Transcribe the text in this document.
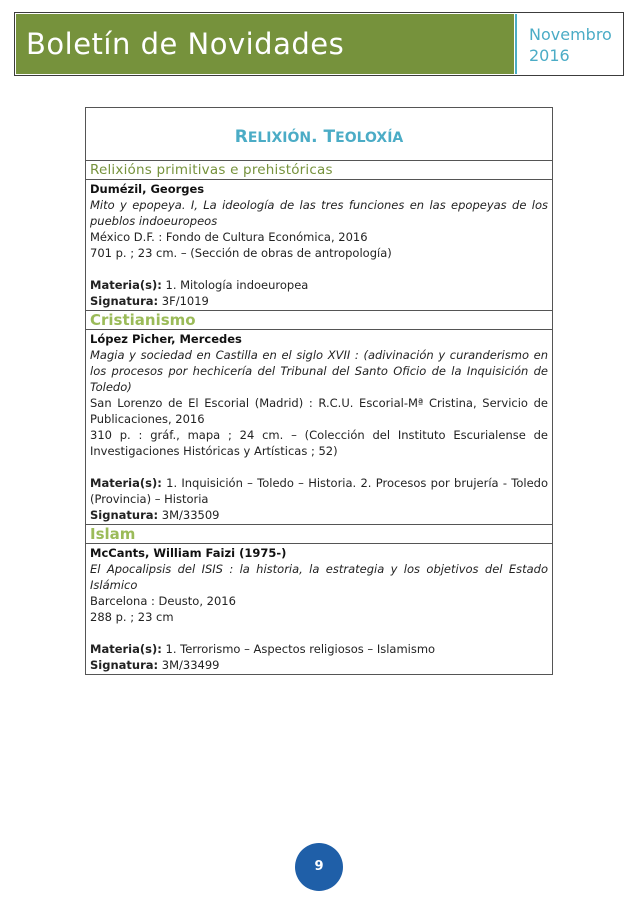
Boletín de Novidades	Novembro
2016
RELIXIÓN. TEOLOXÍA
Relixións primitivas e prehistóricas
Dumézil, Georges
Mito y epopeya. I, La ideología de las tres funciones en las epopeyas de los pueblos indoeuropeos
México D.F. : Fondo de Cultura Económica, 2016
701 p. ; 23 cm. – (Sección de obras de antropología)
Materia(s): 1. Mitología indoeuropea
Signatura: 3F/1019
Cristianismo
López Picher, Mercedes
Magia y sociedad en Castilla en el siglo XVII : (adivinación y curanderismo en los procesos por hechicería del Tribunal del Santo Oficio de la Inquisición de Toledo)
San Lorenzo de El Escorial (Madrid) : R.C.U. Escorial-Mª Cristina, Servicio de Publicaciones, 2016
310 p. : gráf., mapa ; 24 cm. – (Colección del Instituto Escurialense de Investigaciones Históricas y Artísticas ; 52)
Materia(s): 1. Inquisición – Toledo – Historia. 2. Procesos por brujería - Toledo (Provincia) – Historia
Signatura: 3M/33509
Islam
McCants, William Faizi (1975-)
El Apocalipsis del ISIS : la historia, la estrategia y los objetivos del Estado Islámico
Barcelona : Deusto, 2016
288 p. ; 23 cm
Materia(s): 1. Terrorismo – Aspectos religiosos – Islamismo
Signatura: 3M/33499
9
